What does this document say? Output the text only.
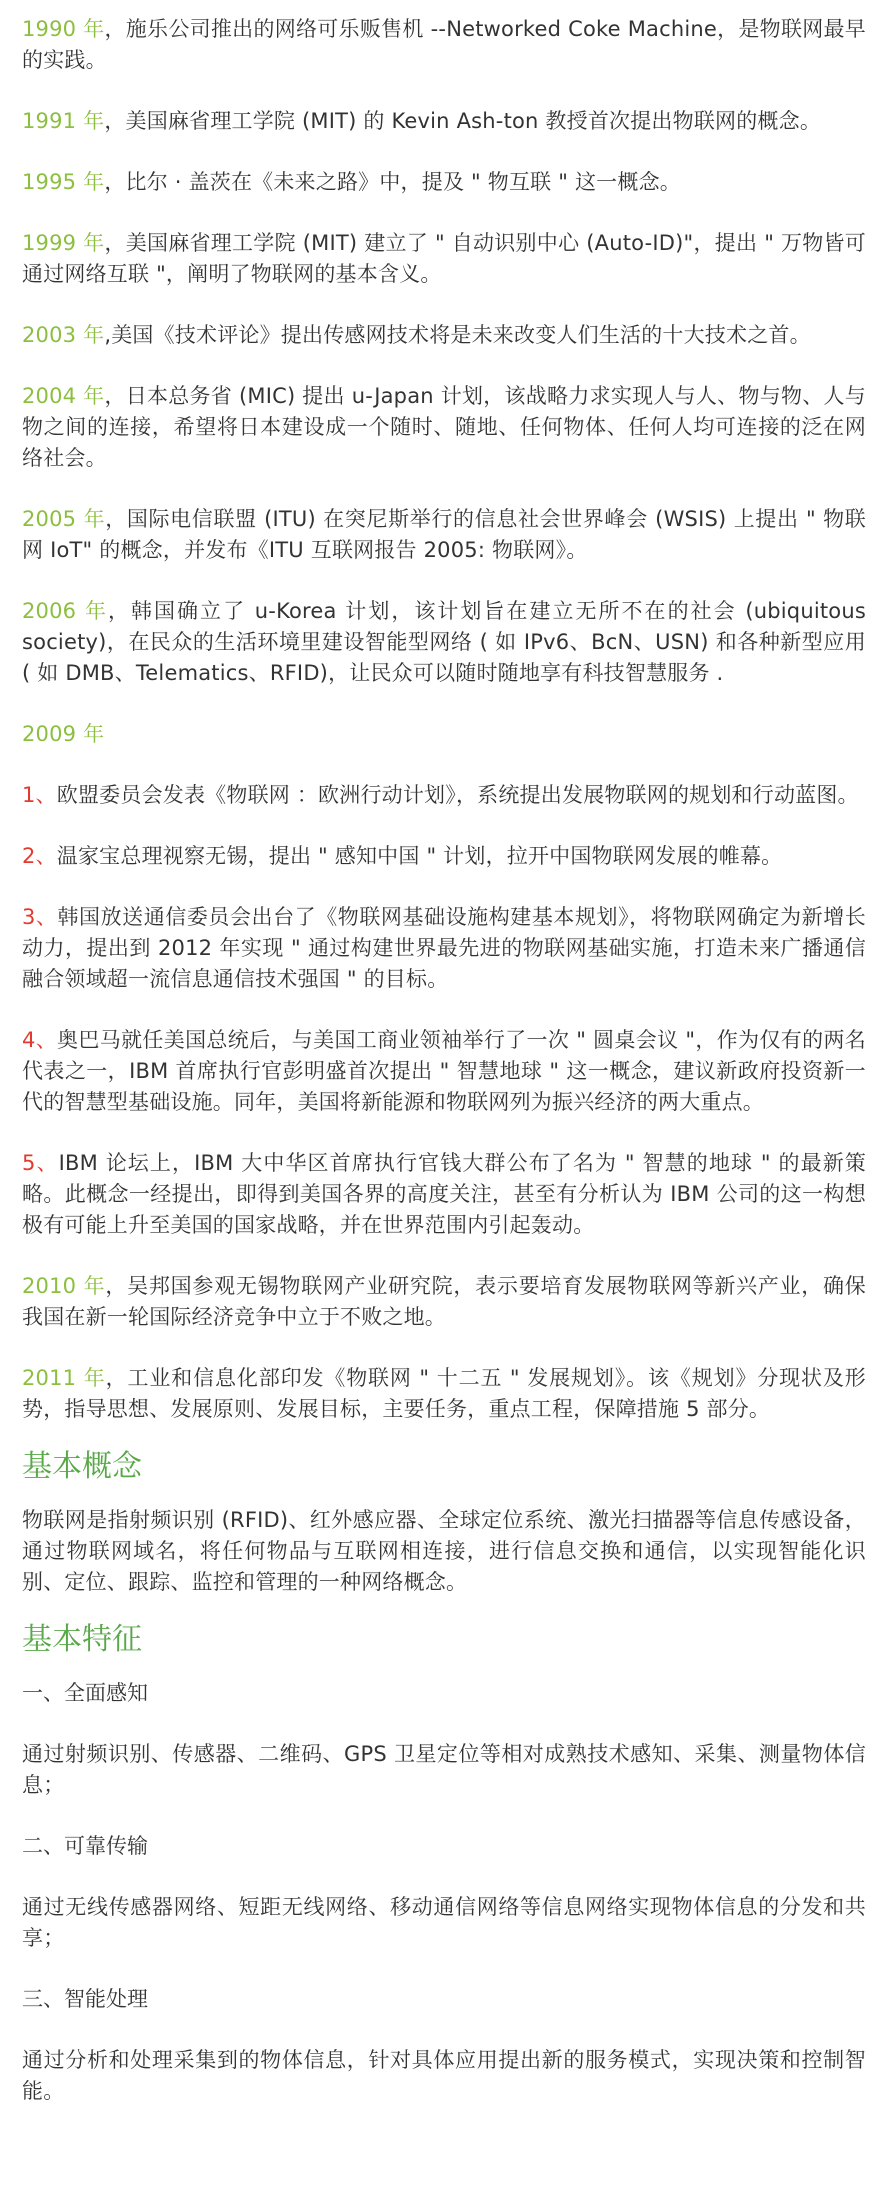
1990 年，施乐公司推出的网络可乐贩售机 --Networked Coke Machine，是物联网最早的实践。

1991 年，美国麻省理工学院 (MIT) 的 Kevin Ash-ton 教授首次提出物联网的概念。

1995 年，比尔 · 盖茨在《未来之路》中，提及 " 物互联 " 这一概念。

1999 年，美国麻省理工学院 (MIT) 建立了 " 自动识别中心 (Auto-ID)"，提出 " 万物皆可通过网络互联 "，阐明了物联网的基本含义。

2003 年,美国《技术评论》提出传感网技术将是未来改变人们生活的十大技术之首。

2004 年，日本总务省 (MIC) 提出 u-Japan 计划，该战略力求实现人与人、物与物、人与物之间的连接，希望将日本建设成一个随时、随地、任何物体、任何人均可连接的泛在网络社会。

2005 年，国际电信联盟 (ITU) 在突尼斯举行的信息社会世界峰会 (WSIS) 上提出 " 物联网 IoT" 的概念，并发布《ITU 互联网报告 2005: 物联网》。

2006 年，韩国确立了 u-Korea 计划，该计划旨在建立无所不在的社会 (ubiquitous society)，在民众的生活环境里建设智能型网络 ( 如 IPv6、BcN、USN) 和各种新型应用 ( 如 DMB、Telematics、RFID)，让民众可以随时随地享有科技智慧服务 .

2009 年

1、欧盟委员会发表《物联网 ：欧洲行动计划》，系统提出发展物联网的规划和行动蓝图。

2、温家宝总理视察无锡，提出 " 感知中国 " 计划，拉开中国物联网发展的帷幕。

3、韩国放送通信委员会出台了《物联网基础设施构建基本规划》，将物联网确定为新增长动力，提出到 2012 年实现 " 通过构建世界最先进的物联网基础实施，打造未来广播通信融合领域超一流信息通信技术强国 " 的目标。

4、奥巴马就任美国总统后，与美国工商业领袖举行了一次 " 圆桌会议 "，作为仅有的两名代表之一，IBM 首席执行官彭明盛首次提出 " 智慧地球 " 这一概念，建议新政府投资新一代的智慧型基础设施。同年，美国将新能源和物联网列为振兴经济的两大重点。

5、IBM 论坛上，IBM 大中华区首席执行官钱大群公布了名为 " 智慧的地球 " 的最新策略。此概念一经提出，即得到美国各界的高度关注，甚至有分析认为 IBM 公司的这一构想极有可能上升至美国的国家战略，并在世界范围内引起轰动。

2010 年，吴邦国参观无锡物联网产业研究院，表示要培育发展物联网等新兴产业，确保我国在新一轮国际经济竞争中立于不败之地。

2011 年，工业和信息化部印发《物联网 " 十二五 " 发展规划》。该《规划》分现状及形势，指导思想、发展原则、发展目标，主要任务，重点工程，保障措施 5 部分。

基本概念

物联网是指射频识别 (RFID)、红外感应器、全球定位系统、激光扫描器等信息传感设备，通过物联网域名，将任何物品与互联网相连接，进行信息交换和通信，以实现智能化识别、定位、跟踪、监控和管理的一种网络概念。

基本特征

一、全面感知

通过射频识别、传感器、二维码、GPS 卫星定位等相对成熟技术感知、采集、测量物体信息；

二、可靠传输

通过无线传感器网络、短距无线网络、移动通信网络等信息网络实现物体信息的分发和共享；

三、智能处理

通过分析和处理采集到的物体信息，针对具体应用提出新的服务模式，实现决策和控制智能。
